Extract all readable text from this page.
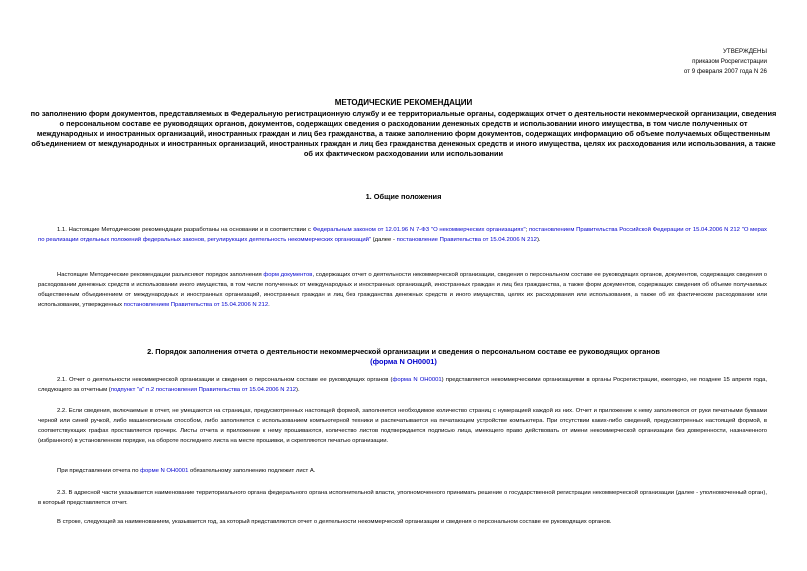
УТВЕРЖДЕНЫ
приказом Росрегистрации
от 9 февраля 2007 года N 26
МЕТОДИЧЕСКИЕ РЕКОМЕНДАЦИИ
по заполнению форм документов, представляемых в Федеральную регистрационную службу и ее территориальные органы, содержащих отчет о деятельности некоммерческой организации, сведения о персональном составе ее руководящих органов, документов, содержащих сведения о расходовании денежных средств и использовании иного имущества, в том числе полученных от международных и иностранных организаций, иностранных граждан и лиц без гражданства, а также заполнению форм документов, содержащих информацию об объеме получаемых общественным объединением от международных и иностранных организаций, иностранных граждан и лиц без гражданства денежных средств и иного имущества, целях их расходования или использования, а также об их фактическом расходовании или использовании
1. Общие положения
1.1. Настоящие Методические рекомендации разработаны на основании и в соответствии с Федеральным законом от 12.01.96 N 7-ФЗ "О некоммерческих организациях"; постановлением Правительства Российской Федерации от 15.04.2006 N 212 "О мерах по реализации отдельных положений федеральных законов, регулирующих деятельность некоммерческих организаций" (далее - постановление Правительства от 15.04.2006 N 212).
Настоящие Методические рекомендации разъясняют порядок заполнения форм документов, содержащих отчет о деятельности некоммерческой организации, сведения о персональном составе ее руководящих органов, документов, содержащих сведения о расходовании денежных средств и использовании иного имущества, в том числе полученных от международных и иностранных организаций, иностранных граждан и лиц без гражданства, а также форм документов, содержащих сведения об объеме получаемых общественным объединением от международных и иностранных организаций, иностранных граждан и лиц без гражданства денежных средств и иного имущества, целях их расходования или использования, а также об их фактическом расходовании или использовании, утвержденных постановлением Правительства от 15.04.2006 N 212.
2. Порядок заполнения отчета о деятельности некоммерческой организации и сведения о персональном составе ее руководящих органов
(форма N ОН0001)
2.1. Отчет о деятельности некоммерческой организации и сведения о персональном составе ее руководящих органов (форма N ОН0001) представляется некоммерческими организациями в органы Росрегистрации, ежегодно, не позднее 15 апреля года, следующего за отчетным (подпункт "а" п.2 постановления Правительства от 15.04.2006 N 212).
2.2. Если сведения, включаемые в отчет, не умещаются на страницах, предусмотренных настоящей формой, заполняется необходимое количество страниц с нумерацией каждой из них. Отчет и приложение к нему заполняются от руки печатными буквами черной или синей ручкой, либо машинописным способом, либо заполняется с использованием компьютерной техники и распечатывается на печатающем устройстве компьютера. При отсутствии каких-либо сведений, предусмотренных настоящей формой, в соответствующих графах проставляется прочерк. Листы отчета и приложение к нему прошиваются, количество листов подтверждается подписью лица, имеющего право действовать от имени некоммерческой организации без доверенности, назначенного (избранного) в установленном порядке, на обороте последнего листа на месте прошивки, и скрепляются печатью организации.
При представлении отчета по форме N ОН0001 обязательному заполнению подлежит лист А.
2.3. В адресной части указывается наименование территориального органа федерального органа исполнительной власти, уполномоченного принимать решение о государственной регистрации некоммерческой организации (далее - уполномоченный орган), в который представляется отчет.
В строке, следующей за наименованием, указывается год, за который представляются отчет о деятельности некоммерческой организации и сведения о персональном составе ее руководящих органов.
